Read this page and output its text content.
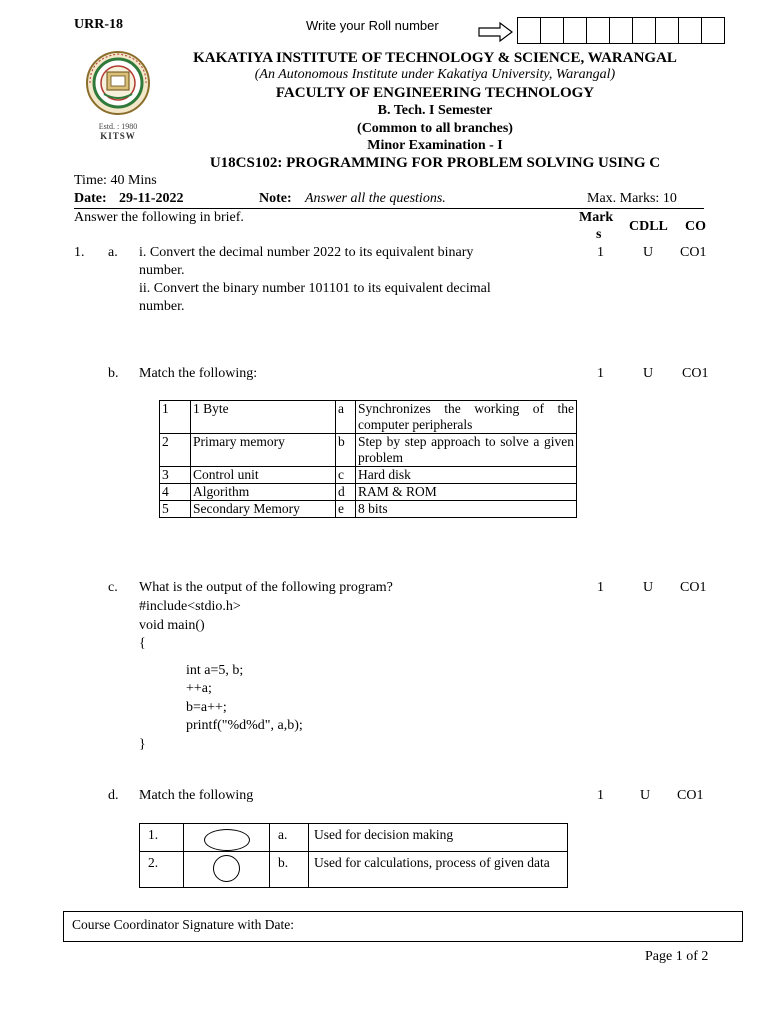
URR-18	Write your Roll number
Estd. : 1980
KITSW
KAKATIYA INSTITUTE OF TECHNOLOGY & SCIENCE, WARANGAL
(An Autonomous Institute under Kakatiya University, Warangal)
FACULTY OF ENGINEERING TECHNOLOGY
B. Tech. I Semester
(Common to all branches)
Minor Examination - I
U18CS102: PROGRAMMING FOR PROBLEM SOLVING USING C
Time: 40 Mins
Date: 29-11-2022	Note: Answer all the questions.	Max. Marks: 10
Answer the following in brief.	Mark
s
CDLL CO
1. a. i. Convert the decimal number 2022 to its equivalent binary
number.
ii. Convert the binary number 101101 to its equivalent decimal
number.
1	U CO1
b. Match the following:	1	U CO1
1	1 Byte	a	Synchronizes the working of the computer peripherals
2	Primary memory	b	Step by step approach to solve a given problem
3	Control unit	c	Hard disk
4	Algorithm	d	RAM & ROM
5	Secondary Memory	e	8 bits
c. What is the output of the following program?	1	U CO1
#include<stdio.h>
void main()
{
int a=5, b;
++a;
b=a++;
printf("%d%d", a,b);
}
d. Match the following	1	U CO1
1.		a.	Used for decision making
2.		b.	Used for calculations, process of given data
Course Coordinator Signature with Date:
Page 1 of 2
